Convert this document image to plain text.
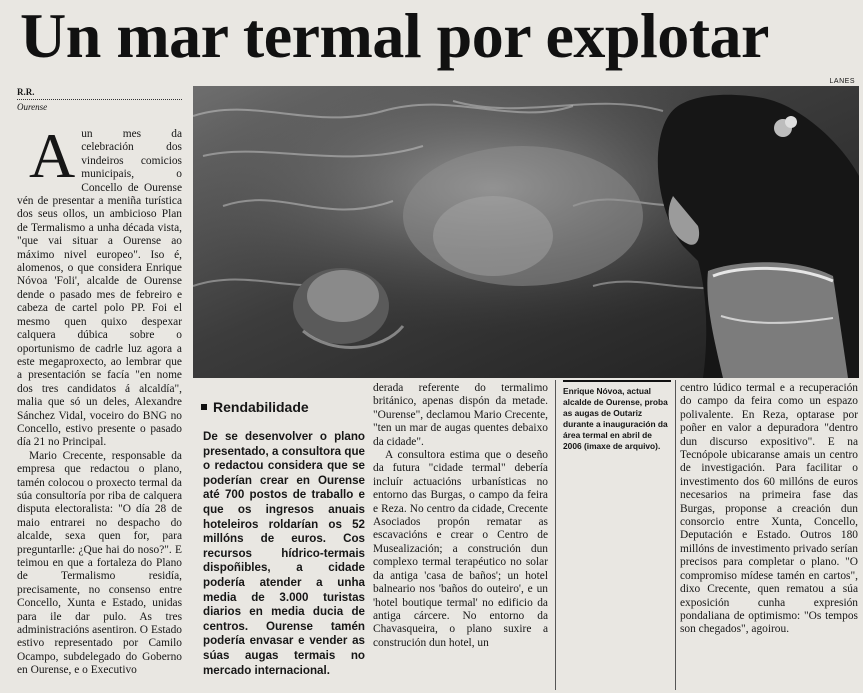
Un mar termal por explotar
R.R.
Ourense
LANES
A un mes da celebración dos vindeiros comicios municipais, o Concello de Ourense vén de presentar a meniña turística dos seus ollos, un ambicioso Plan de Termalismo a unha década vista, "que vai situar a Ourense ao máximo nivel europeo". Iso é, alomenos, o que considera Enrique Nóvoa 'Foli', alcalde de Ourense dende o pasado mes de febreiro e cabeza de cartel polo PP. Foi el mesmo quen quixo despexar calquera dúbica sobre o oportunismo de cadrle luz agora a este megaproxecto, ao lembrar que a presentación se facía "en nome dos tres candidatos á alcaldía", malia que só un deles, Alexandre Sánchez Vidal, voceiro do BNG no Concello, estivo presente o pasado día 21 no Principal.

Mario Crecente, responsable da empresa que redactou o plano, tamén colocou o proxecto termal da súa consultoría por riba de calquera disputa electoralista: "O día 28 de maio entrarei no despacho do alcalde, sexa quen for, para preguntarlle: ¿Que hai do noso?". E teimou en que a fortaleza do Plano de Termalismo residía, precisamente, no consenso entre Concello, Xunta e Estado, unidas para ile dar pulo. As tres administracións asentiron. O Estado estivo representado por Camilo Ocampo, subdelegado do Goberno en Ourense, e o Executivo

Rendabilidade
De se desenvolver o plano presentado, a consultora que o redactou considera que se poderían crear en Ourense até 700 postos de traballo e que os ingresos anuais hoteleiros roldarían os 52 millóns de euros. Cos recursos hídrico-termais dispoñibles, a cidade podería atender a unha media de 3.000 turistas diarios en media ducia de centros. Ourense tamén podería envasar e vender as súas augas termais no mercado internacional.

derada referente do termalimo británico, apenas dispón da metade. "Ourense", declamou Mario Crecente, "ten un mar de augas quentes debaixo da cidade".

A consultora estima que o deseño da futura "cidade termal" debería incluír actuacións urbanísticas no entorno das Burgas, o campo da feira e Reza. No centro da cidade, Crecente Asociados propón rematar as escavacións e crear o Centro de Musealización; a construción dun complexo termal terapéutico no solar da antiga 'casa de baños'; un hotel balneario nos 'baños do outeiro', e un 'hotel boutique termal' no edificio da antiga cárcere. No entorno da Chavasqueira, o plano suxire a construción dun hotel, un

Enrique Nóvoa, actual alcalde de Ourense, proba as augas de Outariz durante a inauguración da área termal en abril de 2006 (imaxe de arquivo).

centro lúdico termal e a recuperación do campo da feira como un espazo polivalente. En Reza, optarase por poñer en valor a depuradora "dentro dun discurso expositivo". E na Tecnópole ubicaranse amais un centro de investigación. Para facilitar o investimento dos 60 millóns de euros necesarios na primeira fase das Burgas, proponse a creación dun consorcio entre Xunta, Concello, Deputación e Estado. Outros 180 millóns de investimento privado serían precisos para completar o plano. "O compromiso mídese tamén en cartos", dixo Crecente, quen rematou a súa exposición cunha expresión pondaliana de optimismo: "Os tempos son chegados", agoirou.
